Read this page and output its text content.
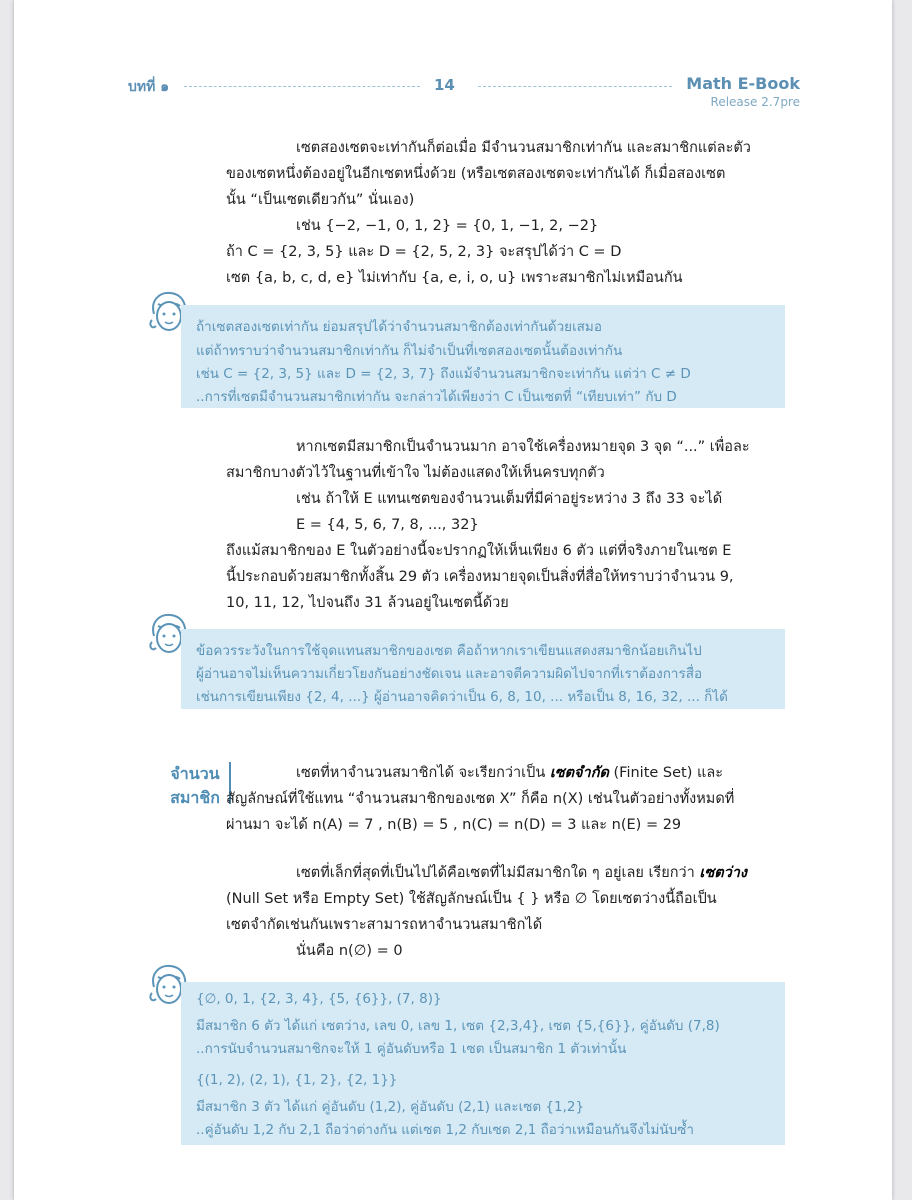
บทที่ ๑	14	Math E-Book
Release 2.7pre
เซตสองเซตจะเท่ากันก็ต่อเมื่อ มีจำนวนสมาชิกเท่ากัน และสมาชิกแต่ละตัว
ของเซตหนึ่งต้องอยู่ในอีกเซตหนึ่งด้วย (หรือเซตสองเซตจะเท่ากันได้ ก็เมื่อสองเซต
นั้น “เป็นเซตเดียวกัน” นั่นเอง)
เช่น {−2, −1, 0, 1, 2} = {0, 1, −1, 2, −2}
ถ้า C = {2, 3, 5} และ D = {2, 5, 2, 3} จะสรุปได้ว่า C = D
เซต {a, b, c, d, e} ไม่เท่ากับ {a, e, i, o, u} เพราะสมาชิกไม่เหมือนกัน
ถ้าเซตสองเซตเท่ากัน ย่อมสรุปได้ว่าจำนวนสมาชิกต้องเท่ากันด้วยเสมอ
แต่ถ้าทราบว่าจำนวนสมาชิกเท่ากัน ก็ไม่จำเป็นที่เซตสองเซตนั้นต้องเท่ากัน
เช่น C = {2, 3, 5} และ D = {2, 3, 7} ถึงแม้จำนวนสมาชิกจะเท่ากัน แต่ว่า C ≠ D
..การที่เซตมีจำนวนสมาชิกเท่ากัน จะกล่าวได้เพียงว่า C เป็นเซตที่ “เทียบเท่า” กับ D
หากเซตมีสมาชิกเป็นจำนวนมาก อาจใช้เครื่องหมายจุด 3 จุด “...” เพื่อละ
สมาชิกบางตัวไว้ในฐานที่เข้าใจ ไม่ต้องแสดงให้เห็นครบทุกตัว
เช่น ถ้าให้ E แทนเซตของจำนวนเต็มที่มีค่าอยู่ระหว่าง 3 ถึง 33 จะได้
E = {4, 5, 6, 7, 8, ..., 32}
ถึงแม้สมาชิกของ E ในตัวอย่างนี้จะปรากฏให้เห็นเพียง 6 ตัว แต่ที่จริงภายในเซต E
นี้ประกอบด้วยสมาชิกทั้งสิ้น 29 ตัว เครื่องหมายจุดเป็นสิ่งที่สื่อให้ทราบว่าจำนวน 9,
10, 11, 12, ไปจนถึง 31 ล้วนอยู่ในเซตนี้ด้วย
ข้อควรระวังในการใช้จุดแทนสมาชิกของเซต คือถ้าหากเราเขียนแสดงสมาชิกน้อยเกินไป
ผู้อ่านอาจไม่เห็นความเกี่ยวโยงกันอย่างชัดเจน และอาจตีความผิดไปจากที่เราต้องการสื่อ
เช่นการเขียนเพียง {2, 4, ...} ผู้อ่านอาจคิดว่าเป็น 6, 8, 10, ... หรือเป็น 8, 16, 32, ... ก็ได้
จำนวน
สมาชิก
เซตที่หาจำนวนสมาชิกได้ จะเรียกว่าเป็น เซตจำกัด (Finite Set) และ
สัญลักษณ์ที่ใช้แทน “จำนวนสมาชิกของเซต X” ก็คือ n(X) เช่นในตัวอย่างทั้งหมดที่
ผ่านมา จะได้ n(A) = 7 , n(B) = 5 , n(C) = n(D) = 3 และ n(E) = 29
เซตที่เล็กที่สุดที่เป็นไปได้คือเซตที่ไม่มีสมาชิกใด ๆ อยู่เลย เรียกว่า เซตว่าง
(Null Set หรือ Empty Set) ใช้สัญลักษณ์เป็น { } หรือ ∅ โดยเซตว่างนี้ถือเป็น
เซตจำกัดเช่นกันเพราะสามารถหาจำนวนสมาชิกได้
นั่นคือ n(∅) = 0
{∅, 0, 1, {2, 3, 4}, {5, {6}}, (7, 8)}
มีสมาชิก 6 ตัว ได้แก่ เซตว่าง, เลข 0, เลข 1, เซต {2,3,4}, เซต {5,{6}}, คู่อันดับ (7,8)
..การนับจำนวนสมาชิกจะให้ 1 คู่อันดับหรือ 1 เซต เป็นสมาชิก 1 ตัวเท่านั้น
{(1, 2), (2, 1), {1, 2}, {2, 1}}
มีสมาชิก 3 ตัว ได้แก่ คู่อันดับ (1,2), คู่อันดับ (2,1) และเซต {1,2}
..คู่อันดับ 1,2 กับ 2,1 ถือว่าต่างกัน แต่เซต 1,2 กับเซต 2,1 ถือว่าเหมือนกันจึงไม่นับซ้ำ
